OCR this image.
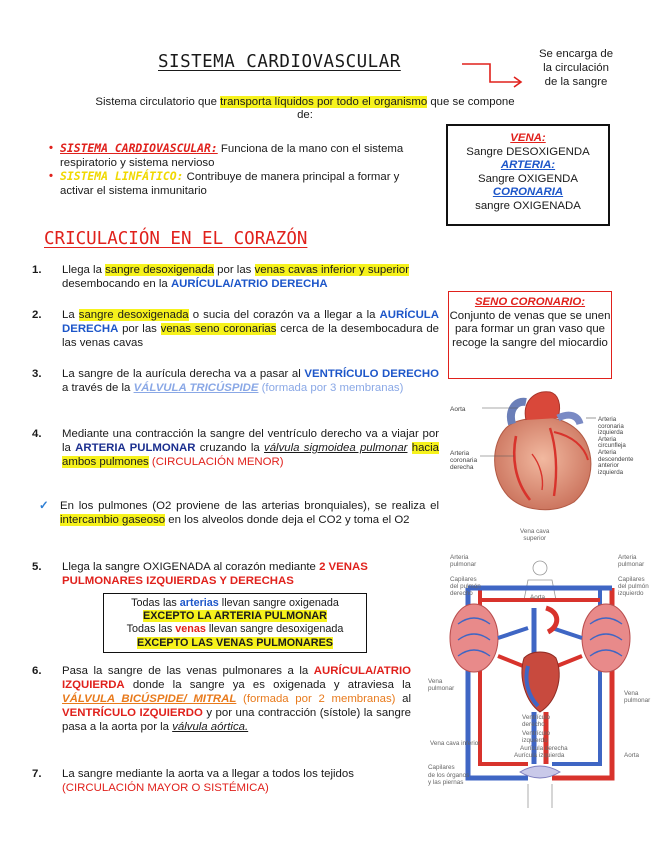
SISTEMA CARDIOVASCULAR	Se encarga de
la circulación
de la sangre
Sistema circulatorio que transporta líquidos por todo el organismo que se compone de:
• SISTEMA CARDIOVASCULAR: Funciona de la mano con el sistema respiratorio y sistema nervioso
• SISTEMA LINFÁTICO: Contribuye de manera principal a formar y activar el sistema inmunitario
VENA:
Sangre DESOXIGENDA
ARTERIA:
Sangre OXIGENDA
CORONARIA
sangre OXIGENADA
CRICULACIÓN EN EL CORAZÓN
SENO CORONARIO:
Conjunto de venas que se unen para formar un gran vaso que recoge la sangre del miocardio
1. Llega la sangre desoxigenada por las venas cavas inferior y superior desembocando en la AURÍCULA/ATRIO DERECHA
2. La sangre desoxigenada o sucia del corazón va a llegar a la AURÍCULA DERECHA por las venas seno coronarias cerca de la desembocadura de las venas cavas
3. La sangre de la aurícula derecha va a pasar al VENTRÍCULO DERECHO a través de la VÁLVULA TRICÚSPIDE (formada por 3 membranas)
4. Mediante una contracción la sangre del ventrículo derecho va a viajar por la ARTERIA PULMONAR cruzando la válvula sigmoidea pulmonar hacia ambos pulmones (CIRCULACIÓN MENOR)
✓ En los pulmones (O2 proviene de las arterias bronquiales), se realiza el intercambio gaseoso en los alveolos donde deja el CO2 y toma el O2
5. Llega la sangre OXIGENADA al corazón mediante 2 VENAS PULMONARES IZQUIERDAS Y DERECHAS
Todas las arterias llevan sangre oxigenada
EXCEPTO LA ARTERIA PULMONAR
Todas las venas llevan sangre desoxigenada
EXCEPTO LAS VENAS PULMONARES
6. Pasa la sangre de las venas pulmonares a la AURÍCULA/ATRIO IZQUIERDA donde la sangre ya es oxigenada y atraviesa la VÁLVULA BICÚSPIDE/ MITRAL (formada por 2 membranas) al VENTRÍCULO IZQUIERDO y por una contracción (sístole) la sangre pasa a la aorta por la válvula aórtica.
7. La sangre mediante la aorta va a llegar a todos los tejidos (CIRCULACIÓN MAYOR O SISTÉMICA)
Aorta
Arteria
coronaria
derecha
Arteria
coronaria
izquierda
Arteria
circunfleja
Arteria
descendente
anterior
izquierda
Vena cava
superior
Arteria
pulmonar
Capilares
del pulmón
derecho
Aorta
Arteria
pulmonar
Capilares
del pulmón
izquierdo
Vena
pulmonar
Vena
pulmonar
Ventrículo
derecho
Ventrículo
izquierdo
Vena cava inferior
Aurícula derecha
Aurícula izquierda	Aorta
Capilares
de los órganos
y las piernas
